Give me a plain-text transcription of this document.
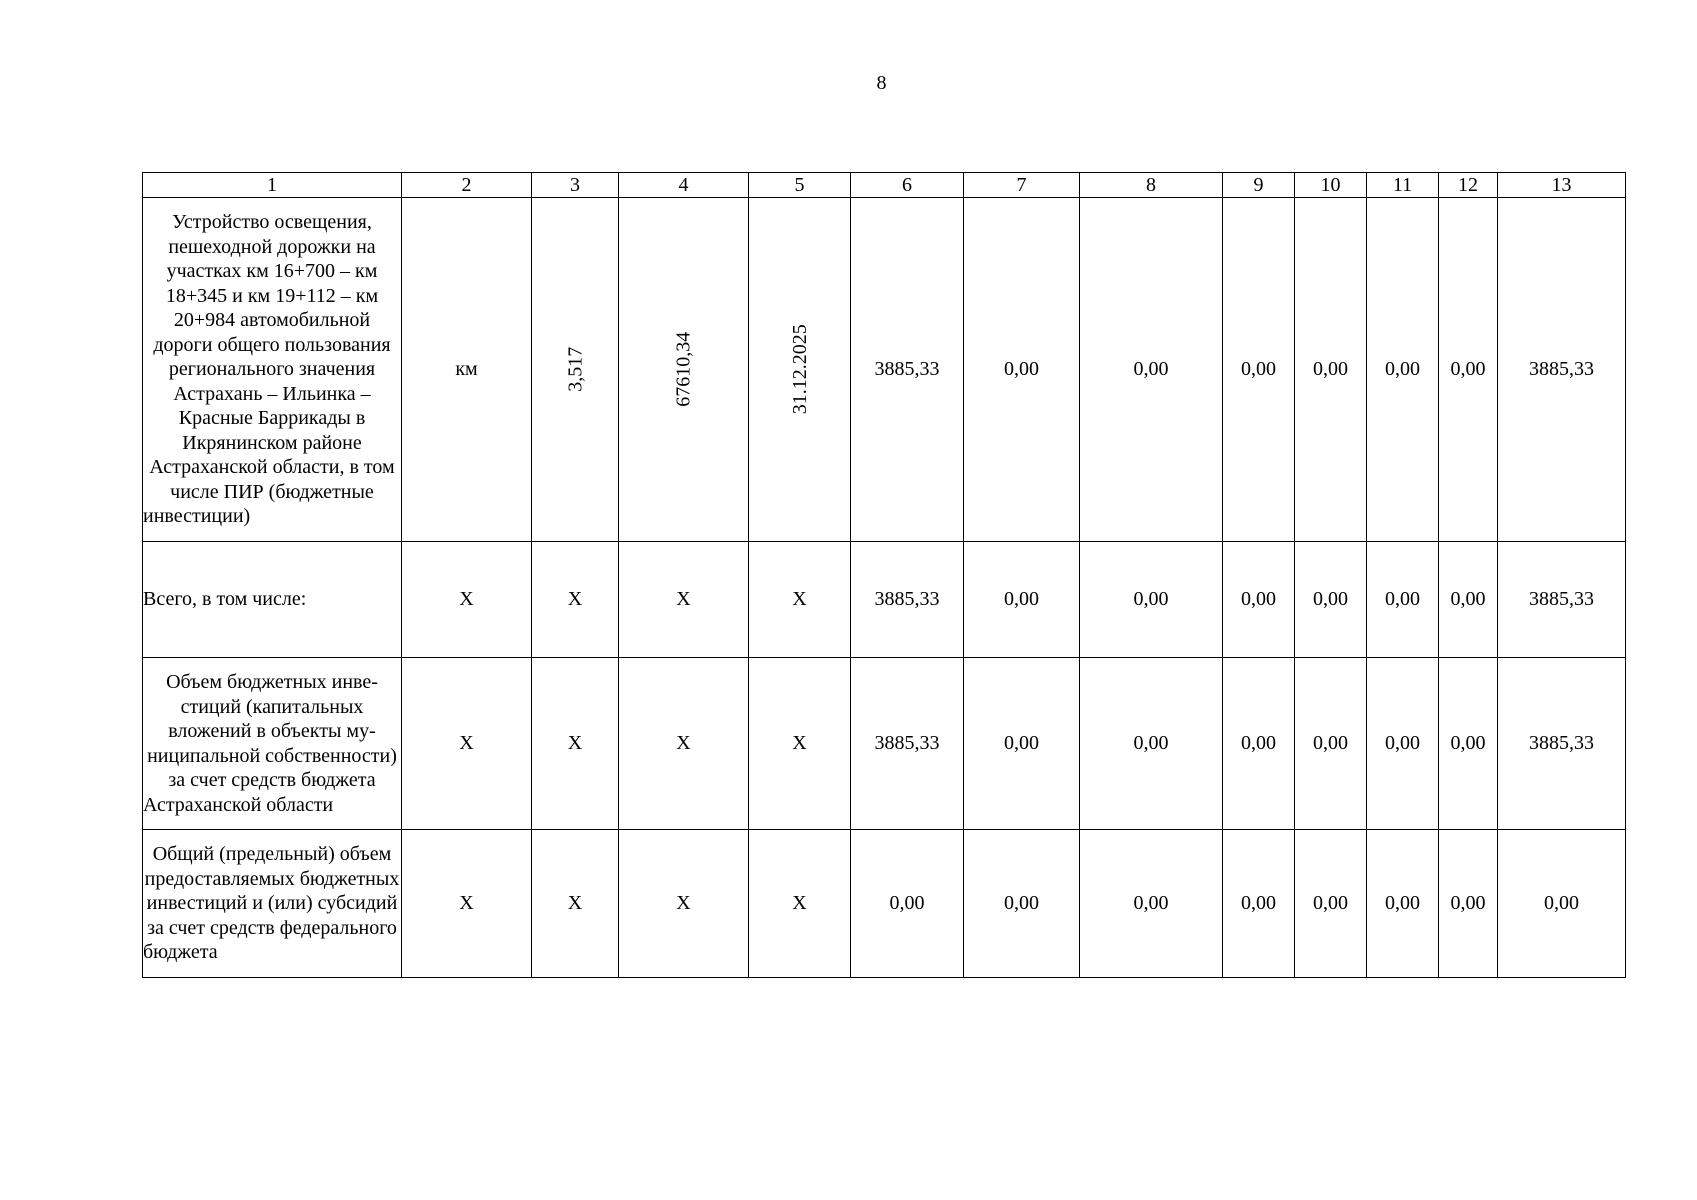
8
1	2	3	4	5	6	7	8	9	10	11	12	13
Устройство освещения, пешеходной дорожки на участках км 16+700 – км 18+345 и км 19+112 – км 20+984 автомобильной дороги общего пользования регионального значения Астрахань – Ильинка – Красные Баррикады в Икрянинском районе Астраханской области, в том числе ПИР (бюджетные инвестиции)	км	3,517	67610,34	31.12.2025	3885,33	0,00	0,00	0,00	0,00	0,00	0,00	3885,33
Всего, в том числе:	Х	Х	Х	Х	3885,33	0,00	0,00	0,00	0,00	0,00	0,00	3885,33
Объем бюджетных инвестиций (капитальных вложений в объекты муниципальной собственности) за счет средств бюджета Астраханской области	Х	Х	Х	Х	3885,33	0,00	0,00	0,00	0,00	0,00	0,00	3885,33
Общий (предельный) объем предоставляемых бюджетных инвестиций и (или) субсидий за счет средств федерального бюджета	Х	Х	Х	Х	0,00	0,00	0,00	0,00	0,00	0,00	0,00	0,00
